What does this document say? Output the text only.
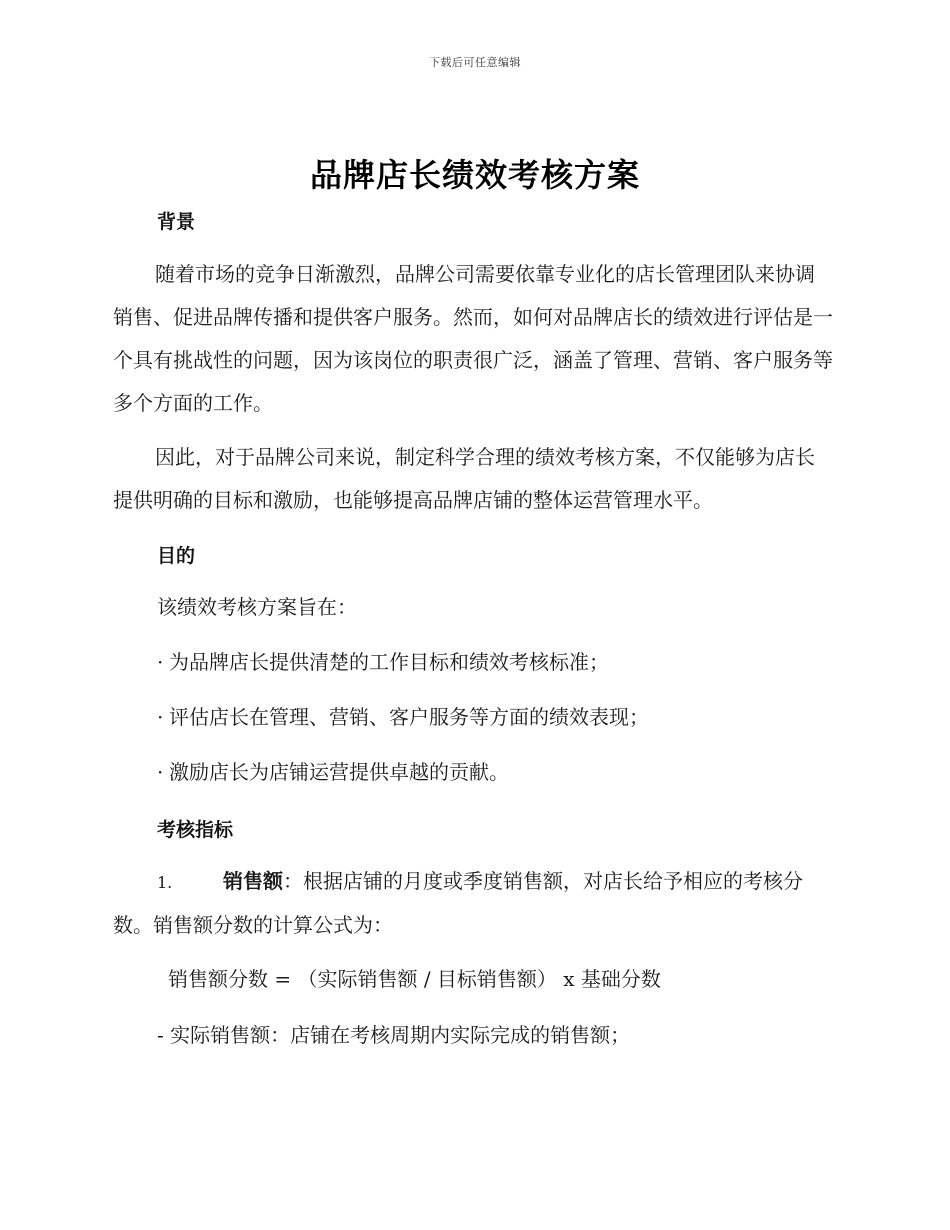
下载后可任意编辑
品牌店长绩效考核方案
背景
随着市场的竞争日渐激烈，品牌公司需要依靠专业化的店长管理团队来协调销售、促进品牌传播和提供客户服务。然而，如何对品牌店长的绩效进行评估是一个具有挑战性的问题，因为该岗位的职责很广泛，涵盖了管理、营销、客户服务等多个方面的工作。
因此，对于品牌公司来说，制定科学合理的绩效考核方案，不仅能够为店长提供明确的目标和激励，也能够提高品牌店铺的整体运营管理水平。
目的
该绩效考核方案旨在：
· 为品牌店长提供清楚的工作目标和绩效考核标准；
· 评估店长在管理、营销、客户服务等方面的绩效表现；
· 激励店长为店铺运营提供卓越的贡献。
考核指标
1.	销售额：根据店铺的月度或季度销售额，对店长给予相应的考核分数。销售额分数的计算公式为：
销售额分数 = （实际销售额 / 目标销售额） x 基础分数
- 实际销售额：店铺在考核周期内实际完成的销售额；
